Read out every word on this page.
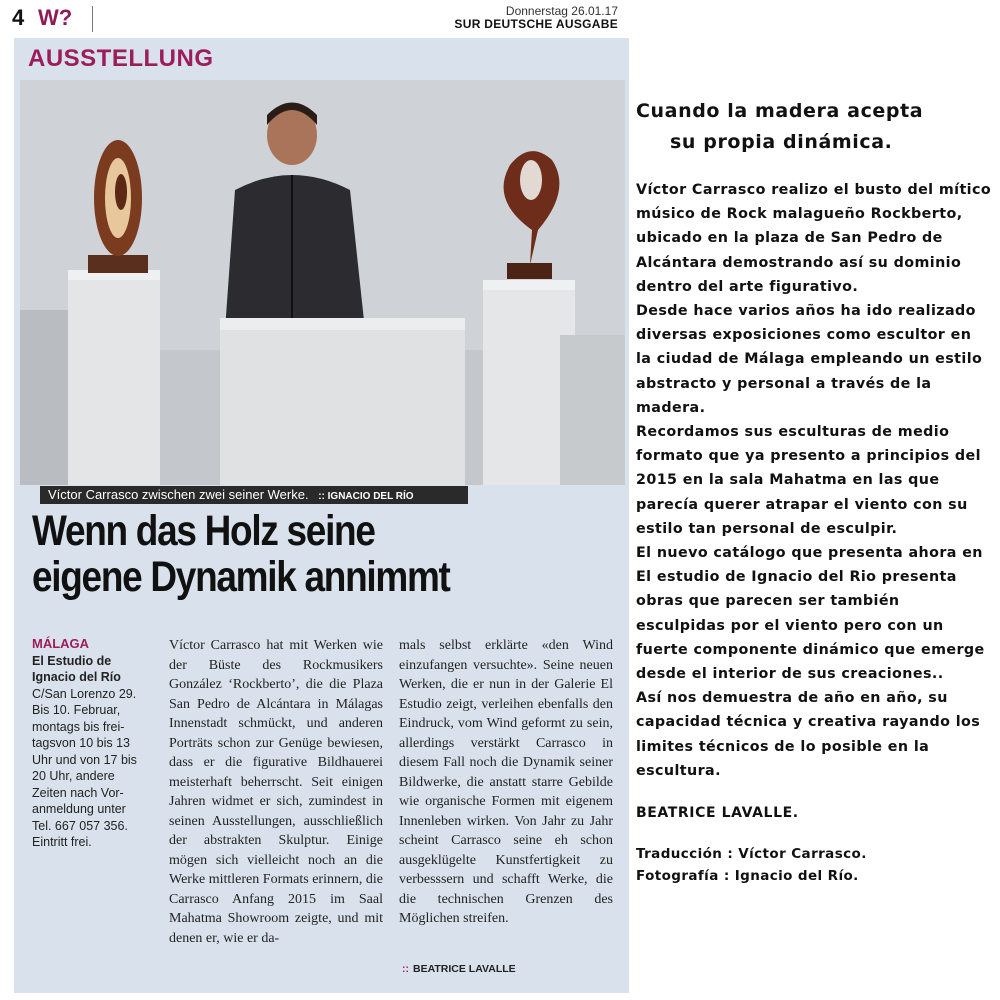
4 W?	Donnerstag 26.01.17
SUR DEUTSCHE AUSGABE
AUSSTELLUNG
Víctor Carrasco zwischen zwei seiner Werke. :: IGNACIO DEL RÍO
Wenn das Holz seine
eigene Dynamik annimmt
MÁLAGA
El Estudio de
Ignacio del Río
C/San Lorenzo 29.
Bis 10. Februar,
montags bis frei-
tagsvon 10 bis 13
Uhr und von 17 bis
20 Uhr, andere
Zeiten nach Vor-
anmeldung unter
Tel. 667 057 356.
Eintritt frei.
Víctor Carrasco hat mit Werken wie der Büste des Rockmusikers González ‘Rockberto’, die die Plaza San Pedro de Alcántara in Málagas Innenstadt schmückt, und anderen Porträts schon zur Genüge bewiesen, dass er die figurative Bildhauerei meisterhaft beherrscht. Seit einigen Jahren widmet er sich, zumindest in seinen Ausstellungen, ausschließlich der abstrakten Skulptur. Einige mögen sich vielleicht noch an die Werke mittleren Formats erinnern, die Carrasco Anfang 2015 im Saal Mahatma Showroom zeigte, und mit denen er, wie er da-
mals selbst erklärte «den Wind einzufangen versuchte». Seine neuen Werken, die er nun in der Galerie El Estudio zeigt, verleihen ebenfalls den Eindruck, vom Wind geformt zu sein, allerdings verstärkt Carrasco in diesem Fall noch die Dynamik seiner Bildwerke, die anstatt starre Gebilde wie organische Formen mit eigenem Innenleben wirken. Von Jahr zu Jahr scheint Carrasco seine eh schon ausgeklügelte Kunstfertigkeit zu verbesssern und schafft Werke, die die technischen Grenzen des Möglichen streifen.
:: BEATRICE LAVALLE
Cuando la madera acepta
su propia dinámica.

Víctor Carrasco realizo el busto del mítico músico de Rock malagueño Rockberto, ubicado en la plaza de San Pedro de Alcántara demostrando así su dominio dentro del arte figurativo.

Desde hace varios años ha ido realizado diversas exposiciones como escultor en la ciudad de Málaga empleando un estilo abstracto y personal a través de la madera.

Recordamos sus esculturas de medio formato que ya presento a principios del 2015 en la sala Mahatma en las que parecía querer atrapar el viento con su estilo tan personal de esculpir.

El nuevo catálogo que presenta ahora en El estudio de Ignacio del Rio presenta obras que parecen ser también esculpidas por el viento pero con un fuerte componente dinámico que emerge desde el interior de sus creaciones..

Así nos demuestra de año en año, su capacidad técnica y creativa rayando los limites técnicos de lo posible en la escultura.

BEATRICE LAVALLE.
Traducción : Víctor Carrasco.
Fotografía : Ignacio del Río.
